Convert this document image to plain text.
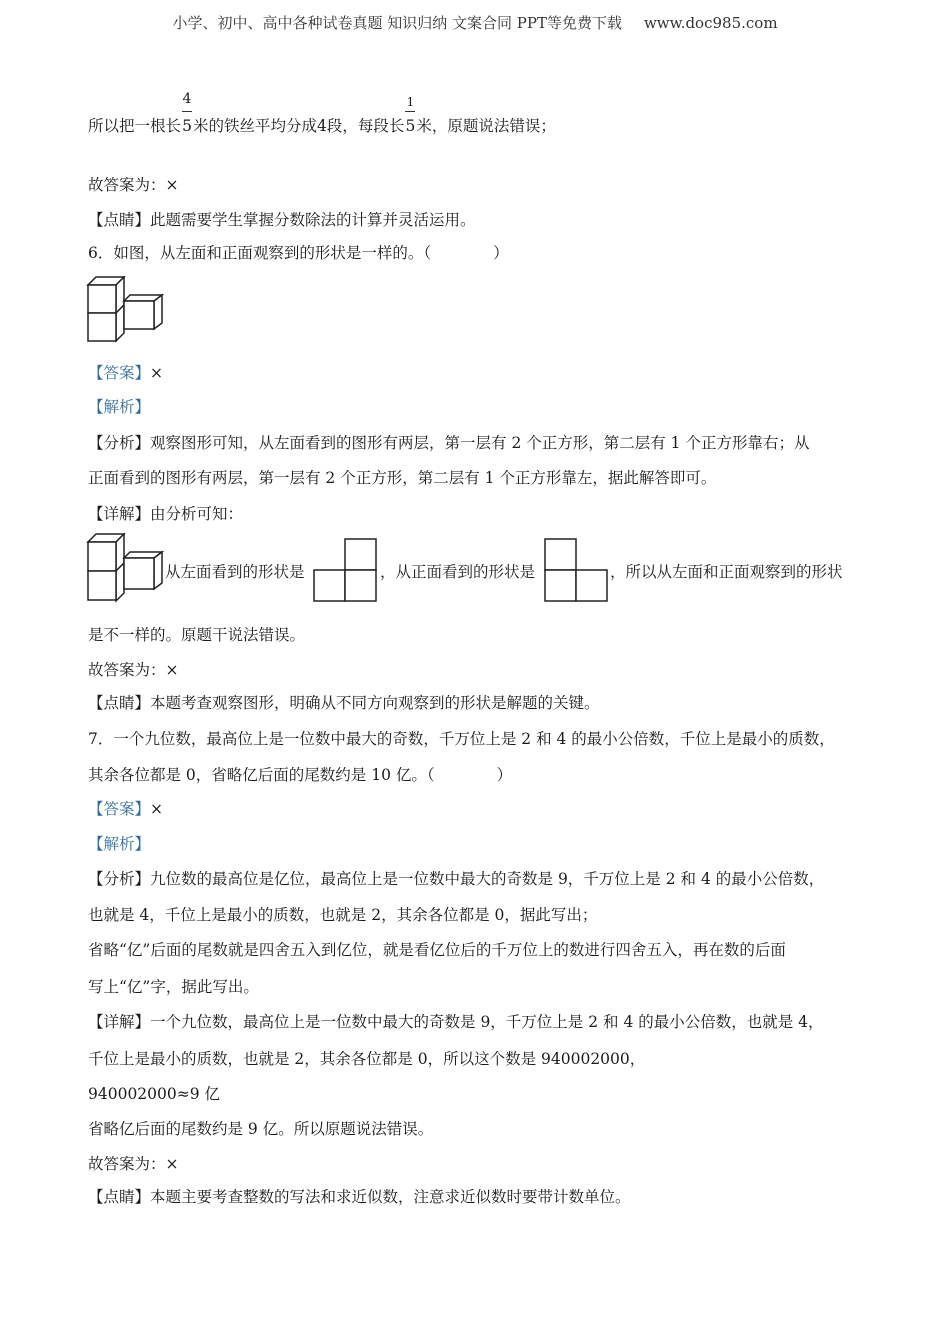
小学、初中、高中各种试卷真题 知识归纳 文案合同 PPT等免费下载 www.doc985.com
所以把一根长 $\frac{4}{5}$ 米的铁丝平均分成4段，每段长 $\frac{1}{5}$ 米，原题说法错误；
故答案为：×
【点睛】此题需要学生掌握分数除法的计算并灵活运用。
6．如图，从左面和正面观察到的形状是一样的。（　　　　）
【答案】×
【解析】
【分析】观察图形可知，从左面看到的图形有两层，第一层有 2 个正方形，第二层有 1 个正方形靠右；从
正面看到的图形有两层，第一层有 2 个正方形，第二层有 1 个正方形靠左，据此解答即可。
【详解】由分析可知：
从左面看到的形状是	，从正面看到的形状是	，所以从左面和正面观察到的形状
是不一样的。原题干说法错误。
故答案为：×
【点睛】本题考查观察图形，明确从不同方向观察到的形状是解题的关键。
7．一个九位数，最高位上是一位数中最大的奇数，千万位上是 2 和 4 的最小公倍数，千位上是最小的质数，
其余各位都是 0，省略亿后面的尾数约是 10 亿。（　　　　）
【答案】×
【解析】
【分析】九位数的最高位是亿位，最高位上是一位数中最大的奇数是 9，千万位上是 2 和 4 的最小公倍数，
也就是 4，千位上是最小的质数，也就是 2，其余各位都是 0，据此写出；
省略“亿”后面的尾数就是四舍五入到亿位，就是看亿位后的千万位上的数进行四舍五入，再在数的后面
写上“亿”字，据此写出。
【详解】一个九位数，最高位上是一位数中最大的奇数是 9，千万位上是 2 和 4 的最小公倍数，也就是 4，
千位上是最小的质数，也就是 2，其余各位都是 0，所以这个数是 940002000，
940002000≈9 亿
省略亿后面的尾数约是 9 亿。所以原题说法错误。
故答案为：×
【点睛】本题主要考查整数的写法和求近似数，注意求近似数时要带计数单位。
